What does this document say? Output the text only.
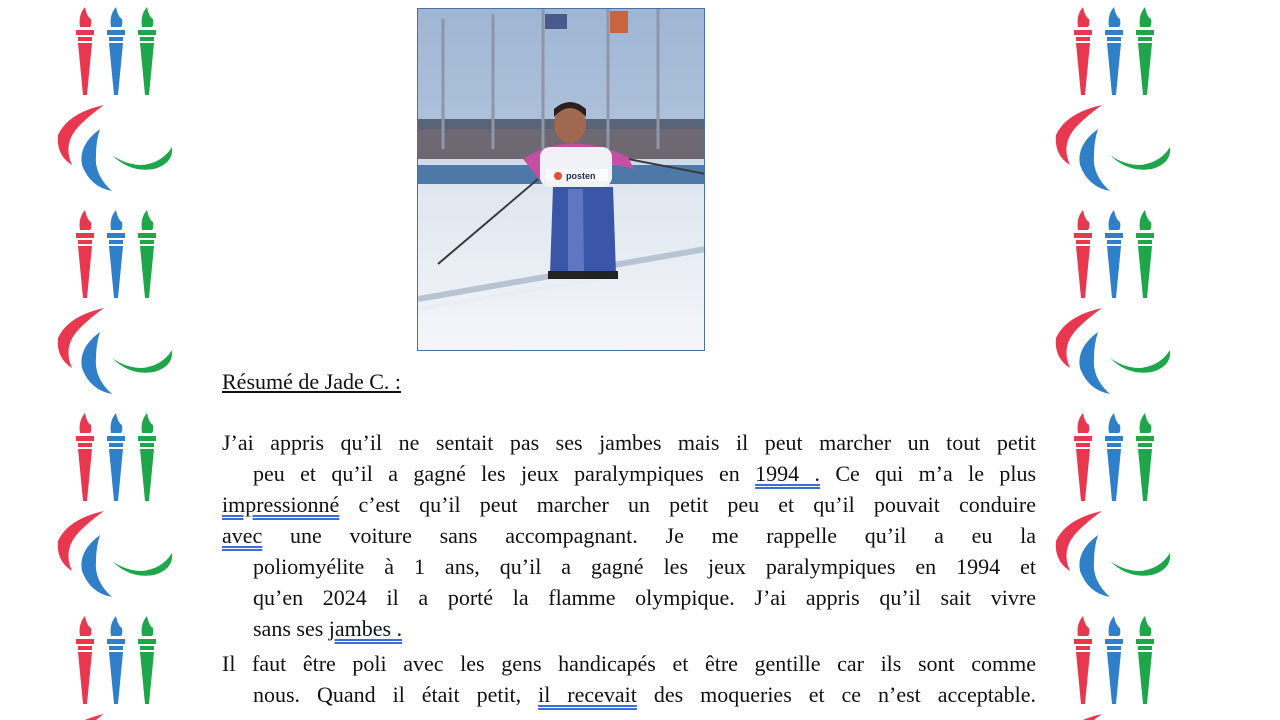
posten
Résumé de Jade C. :
J’ai appris qu’il ne sentait pas ses jambes mais il peut marcher un tout petit
peu et qu’il a gagné les jeux paralympiques en 1994 . Ce qui m’a le plus
impressionné c’est qu’il peut marcher un petit peu et qu’il pouvait conduire
avec une voiture sans accompagnant. Je me rappelle qu’il a eu la
poliomyélite à 1 ans, qu’il a gagné les jeux paralympiques en 1994 et
qu’en 2024 il a porté la flamme olympique. J’ai appris qu’il sait vivre
sans ses jambes .
Il faut être poli avec les gens handicapés et être gentille car ils sont comme
nous. Quand il était petit, il recevait des moqueries et ce n’est acceptable.
